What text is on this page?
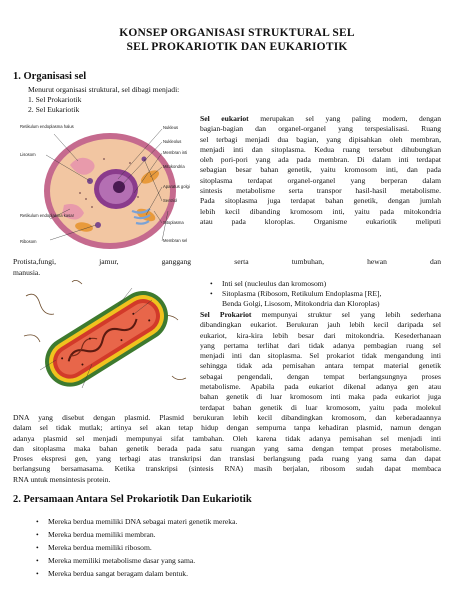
KONSEP ORGANISASI STRUKTURAL SEL
SEL PROKARIOTIK DAN EUKARIOTIK
1. Organisasi sel
Menurut organisasi struktural, sel dibagi menjadi:
1. Sel Prokariotik
2. Sel Eukariotik
Retikulum endoplasma halus
Lisosom
Retikulum endoplasma kasar
Ribosom
Nukleus
Nukleolus
Membran inti
Mitokondria
Aparatus golgi
Sentriol
Sitoplasma
Membran sel
Sel eukariot merupakan sel yang paling modern, dengan
bagian-bagian dan organel-organel yang terspesialisasi. Ruang
sel terbagi menjadi dua bagian, yang dipisahkan oleh membran,
menjadi inti dan sitoplasma. Kedua ruang tersebut dihubungkan
oleh pori-pori yang ada pada membran. Di dalam inti terdapat
sebagian besar bahan genetik, yaitu kromosom inti, dan pada
sitoplasma terdapat organel-organel yang berperan dalam
sintesis metabolisme serta transpor hasil-hasil metabolisme.
Pada sitoplasma juga terdapat bahan genetik, dengan jumlah
lebih kecil dibanding kromosom inti, yaitu pada mitokondria
atau pada kloroplas. Organisme eukariotik meliputi
Protista,fungi, jamur, ganggang serta tumbuhan, hewan dan
manusia.
• Inti sel (nucleulus dan kromosom)
• Sitoplasma (Ribosom, Retikulum Endoplasma [RE],
Benda Golgi, Lisosom, Mitokondria dan Kloroplas)
Sel Prokariot mempunyai struktur sel yang lebih sederhana
dibandingkan eukariot. Berukuran jauh lebih kecil daripada sel
eukariot, kira-kira lebih besar dari mitokondria. Kesederhanaan
yang pertama terlihat dari tidak adanya pembagian ruang sel
menjadi inti dan sitoplasma. Sel prokariot tidak mengandung inti
sehingga tidak ada pemisahan antara tempat material genetik
sebagai pengendali, dengan tempat berlangsungnya proses
metabolisme. Apabila pada eukariot dikenal adanya gen atau
bahan genetik di luar kromosom inti maka pada eukariot juga
terdapat bahan genetik di luar kromosom, yaitu pada molekul
DNA yang disebut dengan plasmid. Plasmid berukuran lebih kecil dibandingkan kromosom, dan keberadaannya
dalam sel tidak mutlak; artinya sel akan tetap hidup dengan sempurna tanpa kehadiran plasmid, namun dengan
adanya plasmid sel menjadi mempunyai sifat tambahan. Oleh karena tidak adanya pemisahan sel menjadi inti
dan sitoplasma maka bahan genetik berada pada satu ruangan yang sama dengan tempat proses metabolisme.
Proses ekspresi gen, yang terbagi atas transkripsi dan translasi berlangsung pada ruang yang sama dan dapat
berlangsung bersamasama. Ketika transkripsi (sintesis RNA) masih berjalan, ribosom sudah dapat membaca
RNA untuk mensintesis protein.
2. Persamaan Antara Sel Prokariotik Dan Eukariotik
• Mereka berdua memiliki DNA sebagai materi genetik mereka.
• Mereka berdua memiliki membran.
• Mereka berdua memiliki ribosom.
• Mereka memiliki metabolisme dasar yang sama.
• Mereka berdua sangat beragam dalam bentuk.
